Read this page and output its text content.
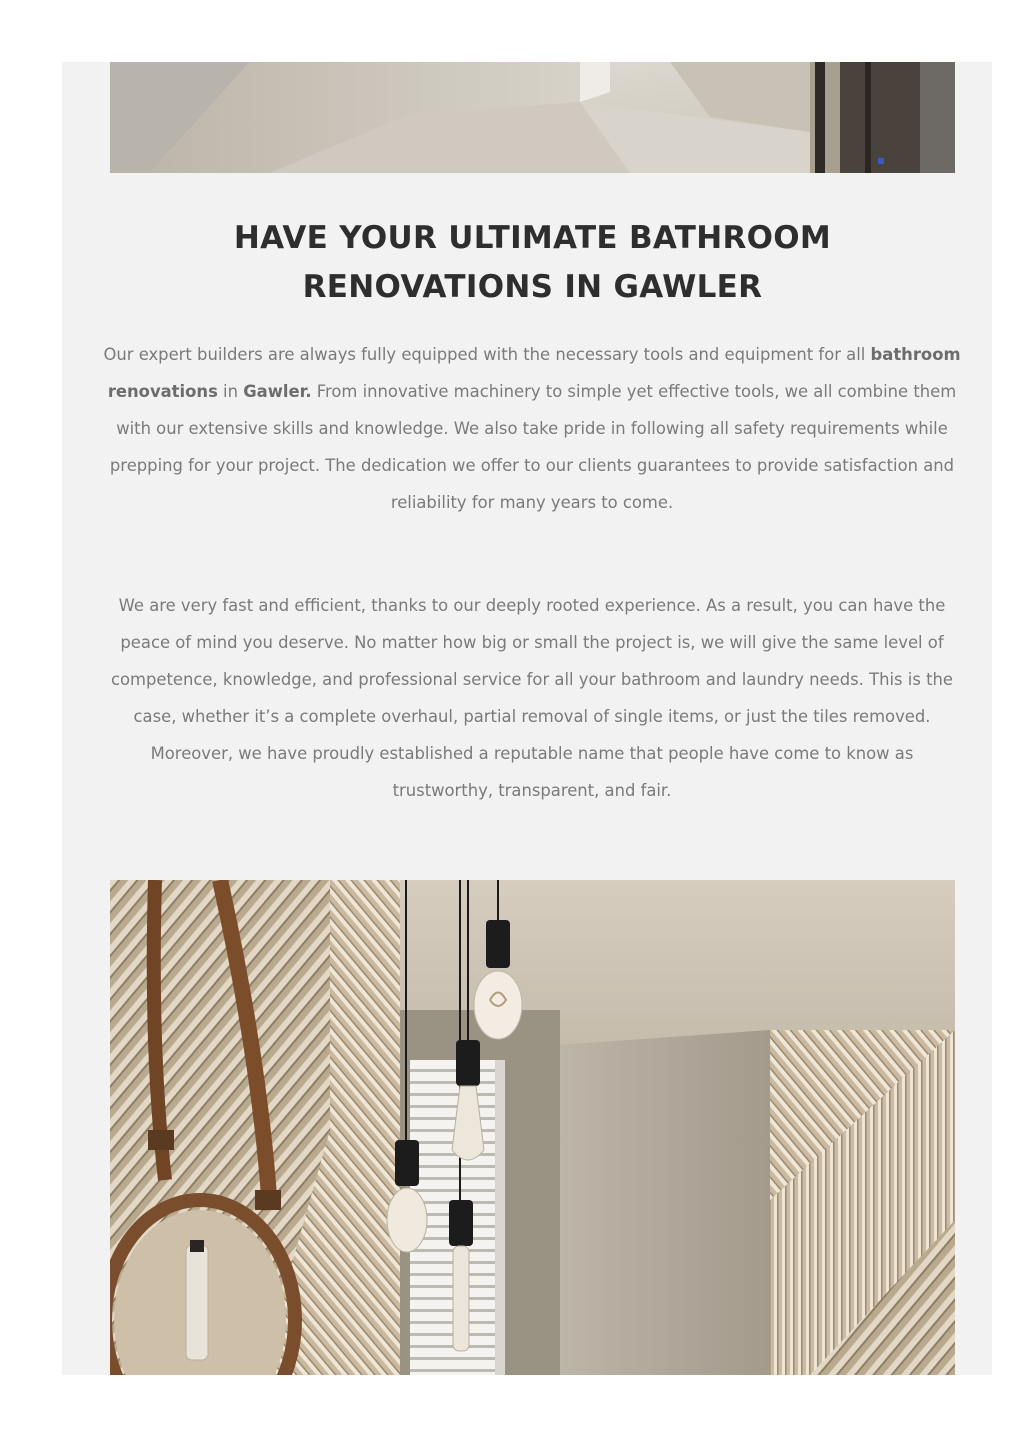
HAVE YOUR ULTIMATE BATHROOM
RENOVATIONS IN GAWLER

Our expert builders are always fully equipped with the necessary tools and equipment for all bathroom renovations in Gawler. From innovative machinery to simple yet effective tools, we all combine them with our extensive skills and knowledge. We also take pride in following all safety requirements while prepping for your project. The dedication we offer to our clients guarantees to provide satisfaction and reliability for many years to come.

We are very fast and efficient, thanks to our deeply rooted experience. As a result, you can have the peace of mind you deserve. No matter how big or small the project is, we will give the same level of competence, knowledge, and professional service for all your bathroom and laundry needs. This is the case, whether it’s a complete overhaul, partial removal of single items, or just the tiles removed. Moreover, we have proudly established a reputable name that people have come to know as trustworthy, transparent, and fair.
